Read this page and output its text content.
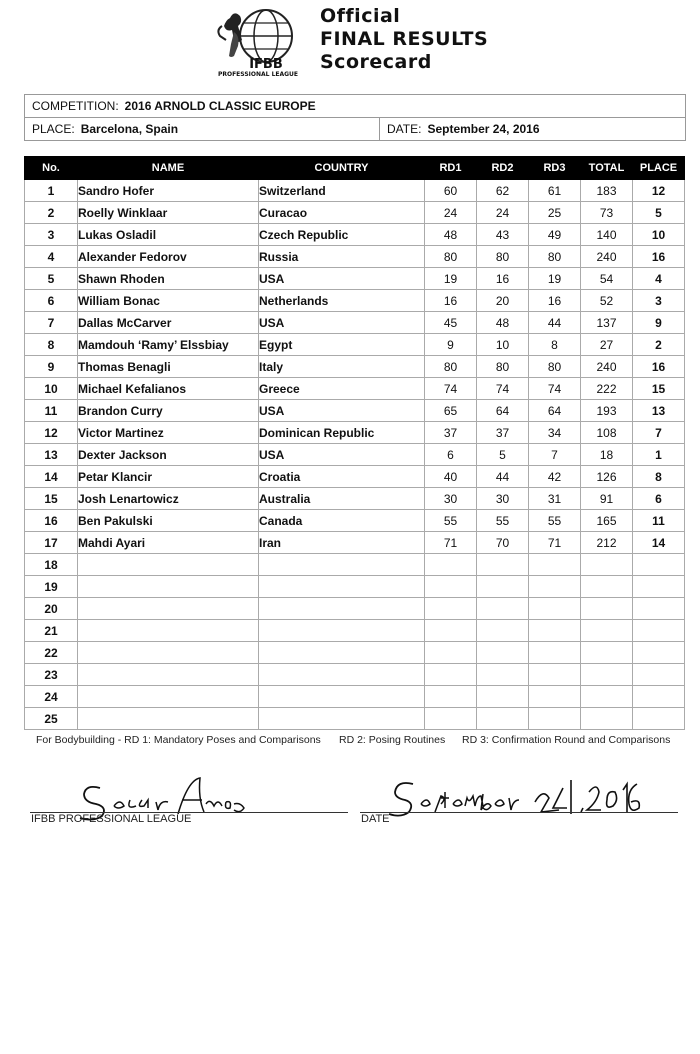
IFBB
PROFESSIONAL LEAGUE
Official
FINAL RESULTS
Scorecard
COMPETITION: 2016 ARNOLD CLASSIC EUROPE
PLACE: Barcelona, Spain	DATE: September 24, 2016
No.	NAME	COUNTRY	RD1	RD2	RD3	TOTAL	PLACE
1	Sandro Hofer	Switzerland	60	62	61	183	12
2	Roelly Winklaar	Curacao	24	24	25	73	5
3	Lukas Osladil	Czech Republic	48	43	49	140	10
4	Alexander Fedorov	Russia	80	80	80	240	16
5	Shawn Rhoden	USA	19	16	19	54	4
6	William Bonac	Netherlands	16	20	16	52	3
7	Dallas McCarver	USA	45	48	44	137	9
8	Mamdouh ‘Ramy’ Elssbiay	Egypt	9	10	8	27	2
9	Thomas Benagli	Italy	80	80	80	240	16
10	Michael Kefalianos	Greece	74	74	74	222	15
11	Brandon Curry	USA	65	64	64	193	13
12	Victor Martinez	Dominican Republic	37	37	34	108	7
13	Dexter Jackson	USA	6	5	7	18	1
14	Petar Klancir	Croatia	40	44	42	126	8
15	Josh Lenartowicz	Australia	30	30	31	91	6
16	Ben Pakulski	Canada	55	55	55	165	11
17	Mahdi Ayari	Iran	71	70	71	212	14
18							
19							
20							
21							
22							
23							
24							
25							
For Bodybuilding - RD 1: Mandatory Poses and Comparisons RD 2: Posing Routines RD 3: Confirmation Round and Comparisons
IFBB PROFESSIONAL LEAGUE	DATE
